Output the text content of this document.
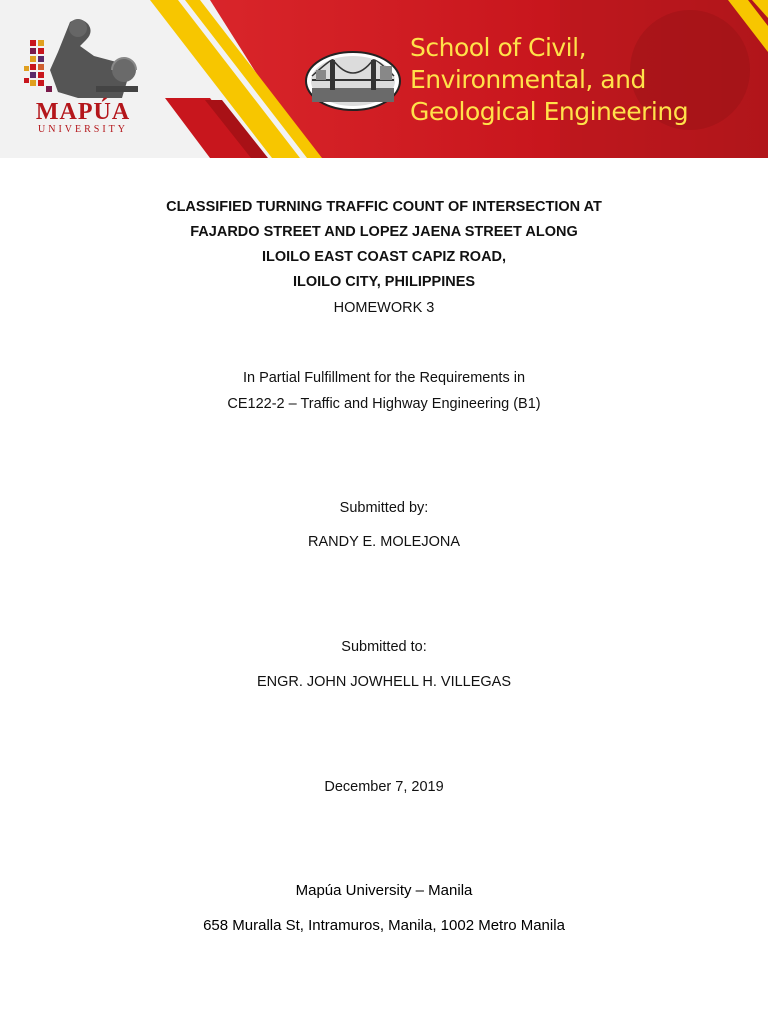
MAPÚA
UNIVERSITY
School of Civil,
Environmental, and
Geological Engineering
CLASSIFIED TURNING TRAFFIC COUNT OF INTERSECTION AT
FAJARDO STREET AND LOPEZ JAENA STREET ALONG
ILOILO EAST COAST CAPIZ ROAD,
ILOILO CITY, PHILIPPINES
HOMEWORK 3
In Partial Fulfillment for the Requirements in
CE122-2 – Traffic and Highway Engineering (B1)
Submitted by:
RANDY E. MOLEJONA
Submitted to:
ENGR. JOHN JOWHELL H. VILLEGAS
December 7, 2019
Mapúa University – Manila
658 Muralla St, Intramuros, Manila, 1002 Metro Manila
